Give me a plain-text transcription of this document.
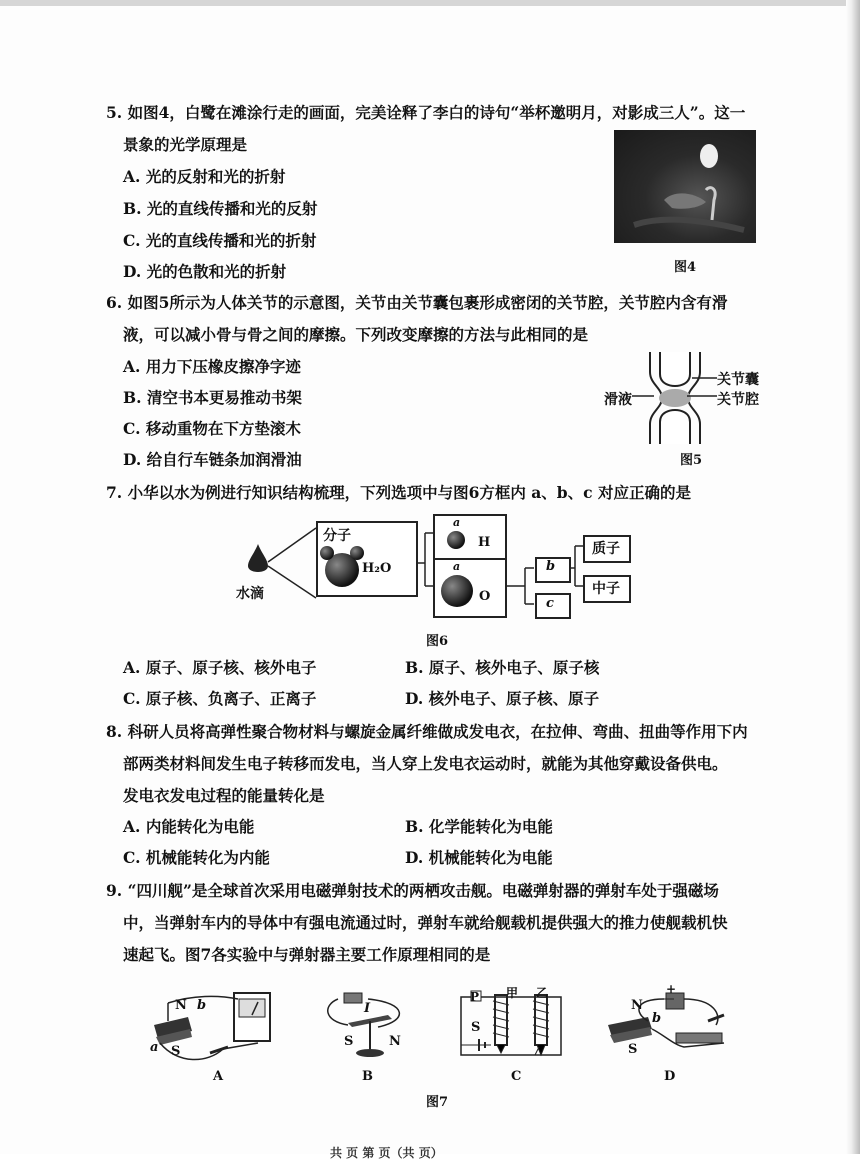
5. 如图4，白鹭在滩涂行走的画面，完美诠释了李白的诗句“举杯邀明月，对影成三人”。这一
景象的光学原理是
A. 光的反射和光的折射
B. 光的直线传播和光的反射
C. 光的直线传播和光的折射
D. 光的色散和光的折射	图4
6. 如图5所示为人体关节的示意图，关节由关节囊包裹形成密闭的关节腔，关节腔内含有滑
液，可以减小骨与骨之间的摩擦。下列改变摩擦的方法与此相同的是
A. 用力下压橡皮擦净字迹
B. 清空书本更易推动书架
C. 移动重物在下方垫滚木
D. 给自行车链条加润滑油
关节囊
关节腔
滑液
图5
7. 小华以水为例进行知识结构梳理，下列选项中与图6方框内 a、b、c 对应正确的是
水滴
分子
H₂O
a
H
a
O
b
c
质子
中子
图6
A. 原子、原子核、核外电子	B. 原子、核外电子、原子核
C. 原子核、负离子、正离子	D. 核外电子、原子核、原子
8. 科研人员将高弹性聚合物材料与螺旋金属纤维做成发电衣，在拉伸、弯曲、扭曲等作用下内
部两类材料间发生电子转移而发电，当人穿上发电衣运动时，就能为其他穿戴设备供电。
发电衣发电过程的能量转化是
A. 内能转化为电能	B. 化学能转化为电能
C. 机械能转化为内能	D. 机械能转化为电能
9. “四川舰”是全球首次采用电磁弹射技术的两栖攻击舰。电磁弹射器的弹射车处于强磁场
中，当弹射车内的导体中有强电流通过时，弹射车就给舰载机提供强大的推力使舰载机快
速起飞。图7各实验中与弹射器主要工作原理相同的是
N b
a S
A
I
S	N
B
甲 乙
P
S
C
N
+
b
S
D
图7
共 页 第 页（共 页）
